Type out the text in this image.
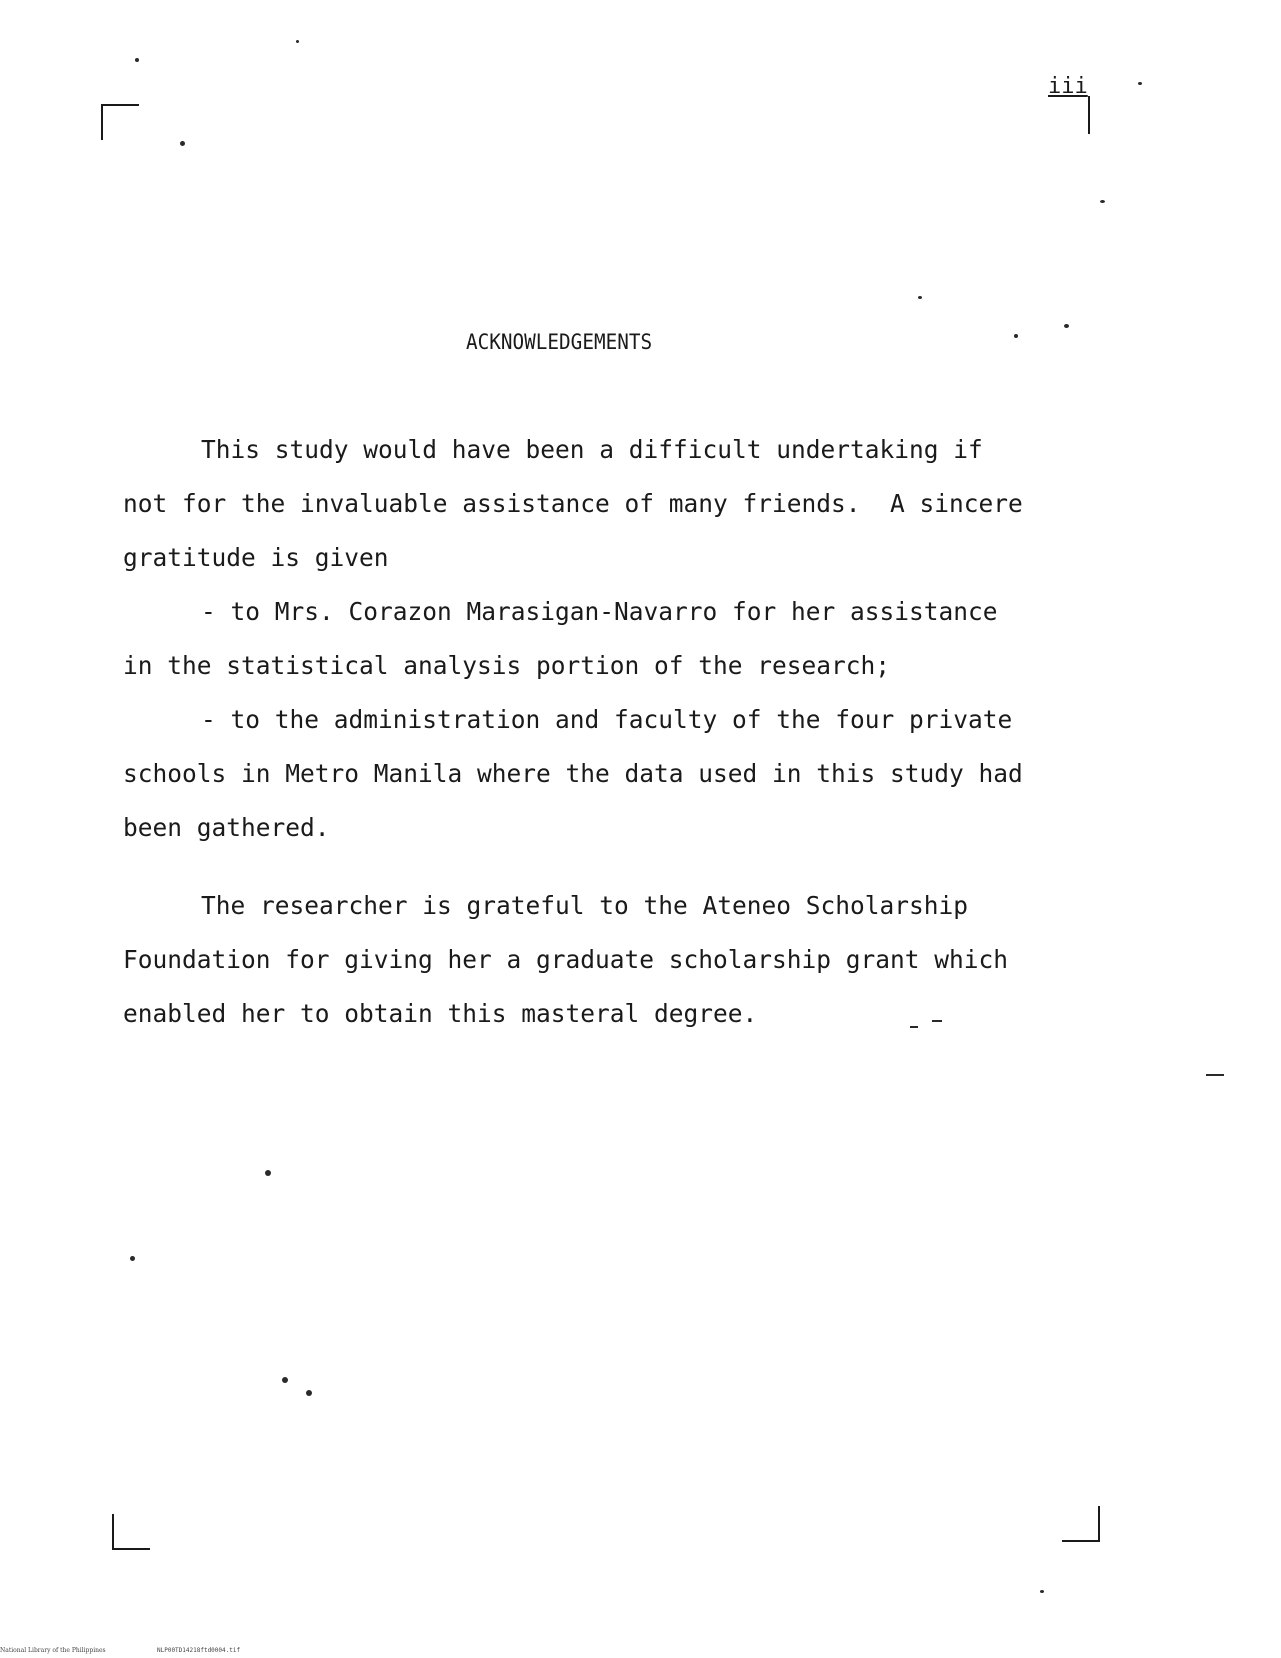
iii
ACKNOWLEDGEMENTS
This study would have been a difficult undertaking if
not for the invaluable assistance of many friends.  A sincere
gratitude is given
- to Mrs. Corazon Marasigan-Navarro for her assistance
in the statistical analysis portion of the research;
- to the administration and faculty of the four private
schools in Metro Manila where the data used in this study had
been gathered.
The researcher is grateful to the Ateneo Scholarship
Foundation for giving her a graduate scholarship grant which
enabled her to obtain this masteral degree.
National Library of the Philippines	NLP00TD14218ftd0004.tif
